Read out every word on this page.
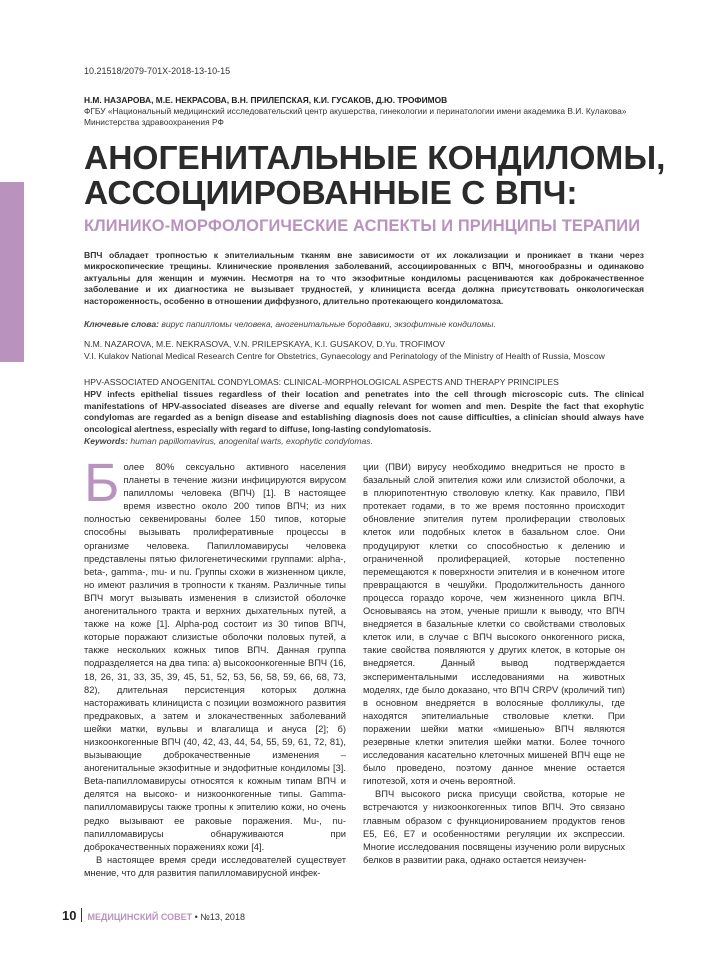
АКТУАЛЬНАЯ ПРОБЛЕМА
10.21518/2079-701X-2018-13-10-15
Н.М. НАЗАРОВА, М.Е. НЕКРАСОВА, В.Н. ПРИЛЕПСКАЯ, К.И. ГУСАКОВ, Д.Ю. ТРОФИМОВ
ФГБУ «Национальный медицинский исследовательский центр акушерства, гинекологии и перинатологии имени академика В.И. Кулакова» Министерства здравоохранения РФ
АНОГЕНИТАЛЬНЫЕ КОНДИЛОМЫ, АССОЦИИРОВАННЫЕ С ВПЧ:
КЛИНИКО-МОРФОЛОГИЧЕСКИЕ АСПЕКТЫ И ПРИНЦИПЫ ТЕРАПИИ
ВПЧ обладает тропностью к эпителиальным тканям вне зависимости от их локализации и проникает в ткани через микроскопические трещины. Клинические проявления заболеваний, ассоциированных с ВПЧ, многообразны и одинаково актуальны для женщин и мужчин. Несмотря на то что экзофитные кондиломы расцениваются как доброкачественное заболевание и их диагностика не вызывает трудностей, у клинициста всегда должна присутствовать онкологическая настороженность, особенно в отношении диффузного, длительно протекающего кондиломатоза.
Ключевые слова: вирус папилломы человека, аногенитальные бородавки, экзофитные кондиломы.
N.M. NAZAROVA, M.E. NEKRASOVA, V.N. PRILEPSKAYA, K.I. GUSAKOV, D.Yu. TROFIMOV
V.I. Kulakov National Medical Research Centre for Obstetrics, Gynaecology and Perinatology of the Ministry of Health of Russia, Moscow
HPV-ASSOCIATED ANOGENITAL CONDYLOMAS: CLINICAL-MORPHOLOGICAL ASPECTS AND THERAPY PRINCIPLES
HPV infects epithelial tissues regardless of their location and penetrates into the cell through microscopic cuts. The clinical manifestations of HPV-associated diseases are diverse and equally relevant for women and men. Despite the fact that exophytic condylomas are regarded as a benign disease and establishing diagnosis does not cause difficulties, a clinician should always have oncological alertness, especially with regard to diffuse, long-lasting condylomatosis.
Keywords: human papillomavirus, anogenital warts, exophytic condylomas.

Более 80% сексуально активного населения планеты в течение жизни инфицируются вирусом папилломы человека (ВПЧ) [1]. В настоящее время известно около 200 типов ВПЧ; из них полностью секвенированы более 150 типов, которые способны вызывать пролиферативные процессы в организме человека. Папилломавирусы человека представлены пятью филогенетическими группами: alpha-, beta-, gamma-, mu- и nu. Группы схожи в жизненном цикле, но имеют различия в тропности к тканям. Различные типы ВПЧ могут вызывать изменения в слизистой оболочке аногенитального тракта и верхних дыхательных путей, а также на коже [1]. Alpha-род состоит из 30 типов ВПЧ, которые поражают слизистые оболочки половых путей, а также нескольких кожных типов ВПЧ. Данная группа подразделяется на два типа: а) высокоонкогенные ВПЧ (16, 18, 26, 31, 33, 35, 39, 45, 51, 52, 53, 56, 58, 59, 66, 68, 73, 82), длительная персистенция которых должна настораживать клинициста с позиции возможного развития предраковых, а затем и злокачественных заболеваний шейки матки, вульвы и влагалища и ануса [2]; б) низкоонкогенные ВПЧ (40, 42, 43, 44, 54, 55, 59, 61, 72, 81), вызывающие доброкачественные изменения – аногенитальные экзофитные и эндофитные кондиломы [3]. Beta-папилломавирусы относятся к кожным типам ВПЧ и делятся на высоко- и низкоонкогенные типы. Gamma-папилломавирусы также тропны к эпителию кожи, но очень редко вызывают ее раковые поражения. Mu-, nu-папилломавирусы обнаруживаются при доброкачественных поражениях кожи [4].

В настоящее время среди исследователей существует мнение, что для развития папилломавирусной инфек-

ции (ПВИ) вирусу необходимо внедриться не просто в базальный слой эпителия кожи или слизистой оболочки, а в плюрипотентную стволовую клетку. Как правило, ПВИ протекает годами, в то же время постоянно происходит обновление эпителия путем пролиферации стволовых клеток или подобных клеток в базальном слое. Они продуцируют клетки со способностью к делению и ограниченной пролиферацией, которые постепенно перемещаются к поверхности эпителия и в конечном итоге превращаются в чешуйки. Продолжительность данного процесса гораздо короче, чем жизненного цикла ВПЧ. Основываясь на этом, ученые пришли к выводу, что ВПЧ внедряется в базальные клетки со свойствами стволовых клеток или, в случае с ВПЧ высокого онкогенного риска, такие свойства появляются у других клеток, в которые он внедряется. Данный вывод подтверждается экспериментальными исследованиями на животных моделях, где было доказано, что ВПЧ CRPV (кроличий тип) в основном внедряется в волосяные фолликулы, где находятся эпителиальные стволовые клетки. При поражении шейки матки «мишенью» ВПЧ являются резервные клетки эпителия шейки матки. Более точного исследования касательно клеточных мишеней ВПЧ еще не было проведено, поэтому данное мнение остается гипотезой, хотя и очень вероятной.

ВПЧ высокого риска присущи свойства, которые не встречаются у низкоонкогенных типов ВПЧ. Это связано главным образом с функционированием продуктов генов E5, E6, E7 и особенностями регуляции их экспрессии. Многие исследования посвящены изучению роли вирусных белков в развитии рака, однако остается неизучен-

10 МЕДИЦИНСКИЙ СОВЕТ • №13, 2018
